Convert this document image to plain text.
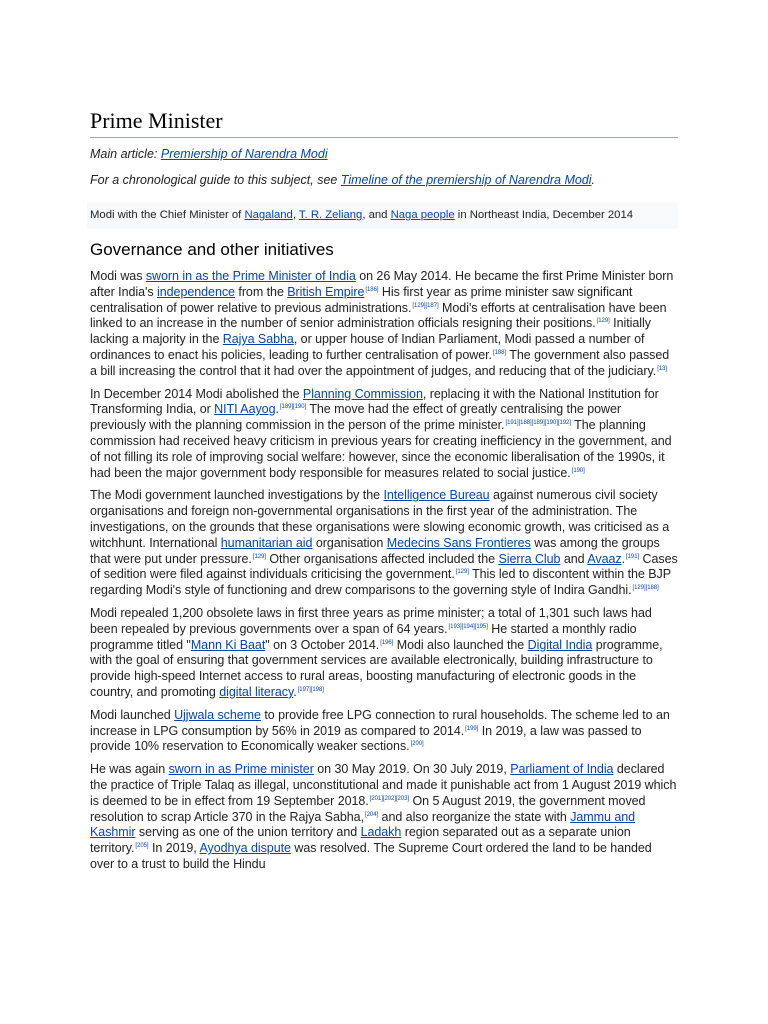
Prime Minister
Main article: Premiership of Narendra Modi
For a chronological guide to this subject, see Timeline of the premiership of Narendra Modi.
Modi with the Chief Minister of Nagaland, T. R. Zeliang, and Naga people in Northeast India, December 2014
Governance and other initiatives

Modi was sworn in as the Prime Minister of India on 26 May 2014. He became the first Prime Minister born after India's independence from the British Empire[186] His first year as prime minister saw significant centralisation of power relative to previous administrations.[129][187] Modi's efforts at centralisation have been linked to an increase in the number of senior administration officials resigning their positions.[129] Initially lacking a majority in the Rajya Sabha, or upper house of Indian Parliament, Modi passed a number of ordinances to enact his policies, leading to further centralisation of power.[188] The government also passed a bill increasing the control that it had over the appointment of judges, and reducing that of the judiciary.[13]

In December 2014 Modi abolished the Planning Commission, replacing it with the National Institution for Transforming India, or NITI Aayog.[189][190] The move had the effect of greatly centralising the power previously with the planning commission in the person of the prime minister.[191][188][189][190][192] The planning commission had received heavy criticism in previous years for creating inefficiency in the government, and of not filling its role of improving social welfare: however, since the economic liberalisation of the 1990s, it had been the major government body responsible for measures related to social justice.[190]

The Modi government launched investigations by the Intelligence Bureau against numerous civil society organisations and foreign non-governmental organisations in the first year of the administration. The investigations, on the grounds that these organisations were slowing economic growth, was criticised as a witchhunt. International humanitarian aid organisation Medecins Sans Frontieres was among the groups that were put under pressure.[129] Other organisations affected included the Sierra Club and Avaaz.[191] Cases of sedition were filed against individuals criticising the government.[129] This led to discontent within the BJP regarding Modi's style of functioning and drew comparisons to the governing style of Indira Gandhi.[129][188]

Modi repealed 1,200 obsolete laws in first three years as prime minister; a total of 1,301 such laws had been repealed by previous governments over a span of 64 years.[193][194][195] He started a monthly radio programme titled "Mann Ki Baat" on 3 October 2014.[196] Modi also launched the Digital India programme, with the goal of ensuring that government services are available electronically, building infrastructure to provide high-speed Internet access to rural areas, boosting manufacturing of electronic goods in the country, and promoting digital literacy.[197][198]

Modi launched Ujjwala scheme to provide free LPG connection to rural households. The scheme led to an increase in LPG consumption by 56% in 2019 as compared to 2014.[199] In 2019, a law was passed to provide 10% reservation to Economically weaker sections.[200]

He was again sworn in as Prime minister on 30 May 2019. On 30 July 2019, Parliament of India declared the practice of Triple Talaq as illegal, unconstitutional and made it punishable act from 1 August 2019 which is deemed to be in effect from 19 September 2018.[201][202][203] On 5 August 2019, the government moved resolution to scrap Article 370 in the Rajya Sabha,[204] and also reorganize the state with Jammu and Kashmir serving as one of the union territory and Ladakh region separated out as a separate union territory.[205] In 2019, Ayodhya dispute was resolved. The Supreme Court ordered the land to be handed over to a trust to build the Hindu
